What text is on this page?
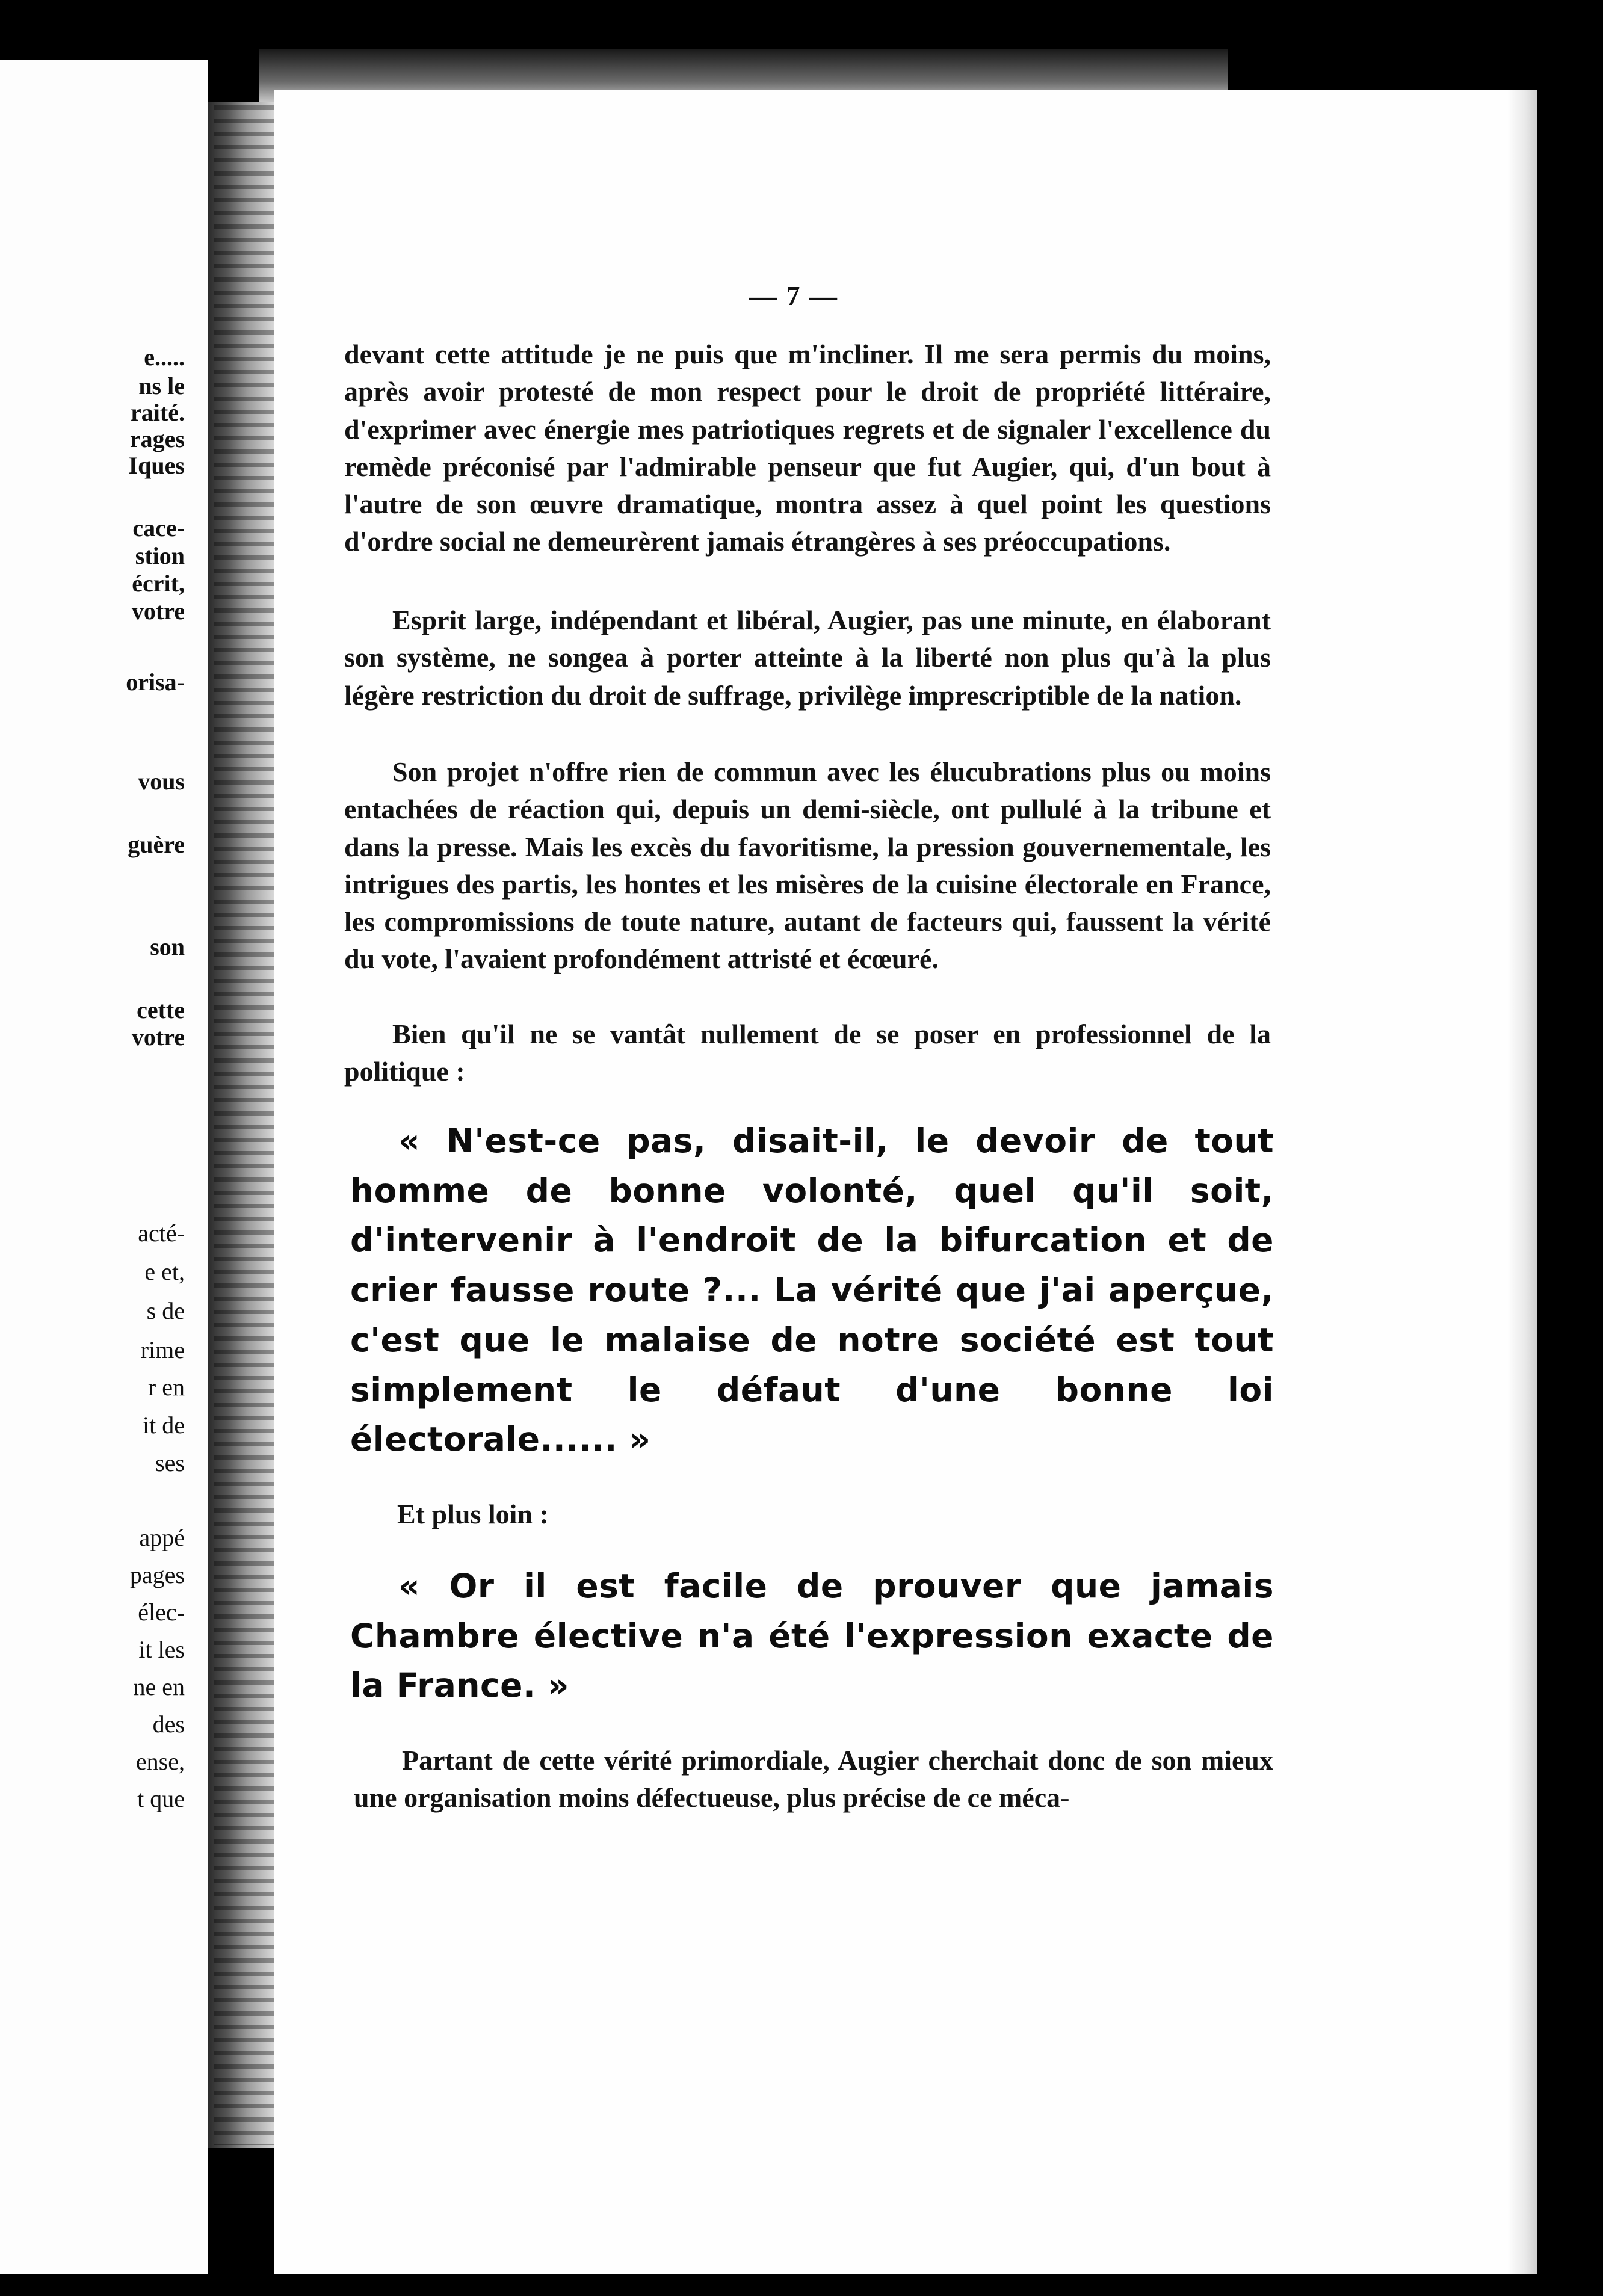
e.....

ns le

raité.

rages

Iques

cace-

stion

écrit,

votre

orisa-

vous

guère

son

cette

votre

acté-

e et,

s de

rime

r en

it de

ses

appé

pages

élec-

it les

ne en

des

ense,

t que

— 7 —

devant cette attitude je ne puis que m'incliner. Il me sera permis du moins, après avoir protesté de mon respect pour le droit de propriété littéraire, d'exprimer avec énergie mes patriotiques regrets et de signaler l'excellence du remède préconisé par l'admirable penseur que fut Augier, qui, d'un bout à l'autre de son œuvre dramatique, montra assez à quel point les questions d'ordre social ne demeurèrent jamais étrangères à ses préoccupations.

Esprit large, indépendant et libéral, Augier, pas une minute, en élaborant son système, ne songea à porter atteinte à la liberté non plus qu'à la plus légère restriction du droit de suffrage, privilège imprescriptible de la nation.

Son projet n'offre rien de commun avec les élucubrations plus ou moins entachées de réaction qui, depuis un demi-siècle, ont pullulé à la tribune et dans la presse. Mais les excès du favoritisme, la pression gouvernementale, les intrigues des partis, les hontes et les misères de la cuisine électorale en France, les compromissions de toute nature, autant de facteurs qui, faussent la vérité du vote, l'avaient profondément attristé et écœuré.

Bien qu'il ne se vantât nullement de se poser en professionnel de la politique :

« N'est-ce pas, disait-il, le devoir de tout homme de bonne volonté, quel qu'il soit, d'intervenir à l'endroit de la bifurcation et de crier fausse route ?... La vérité que j'ai aperçue, c'est que le malaise de notre société est tout simplement le défaut d'une bonne loi électorale...... »

Et plus loin :

« Or il est facile de prouver que jamais Chambre élective n'a été l'expression exacte de la France. »

Partant de cette vérité primordiale, Augier cherchait donc de son mieux une organisation moins défectueuse, plus précise de ce méca-
